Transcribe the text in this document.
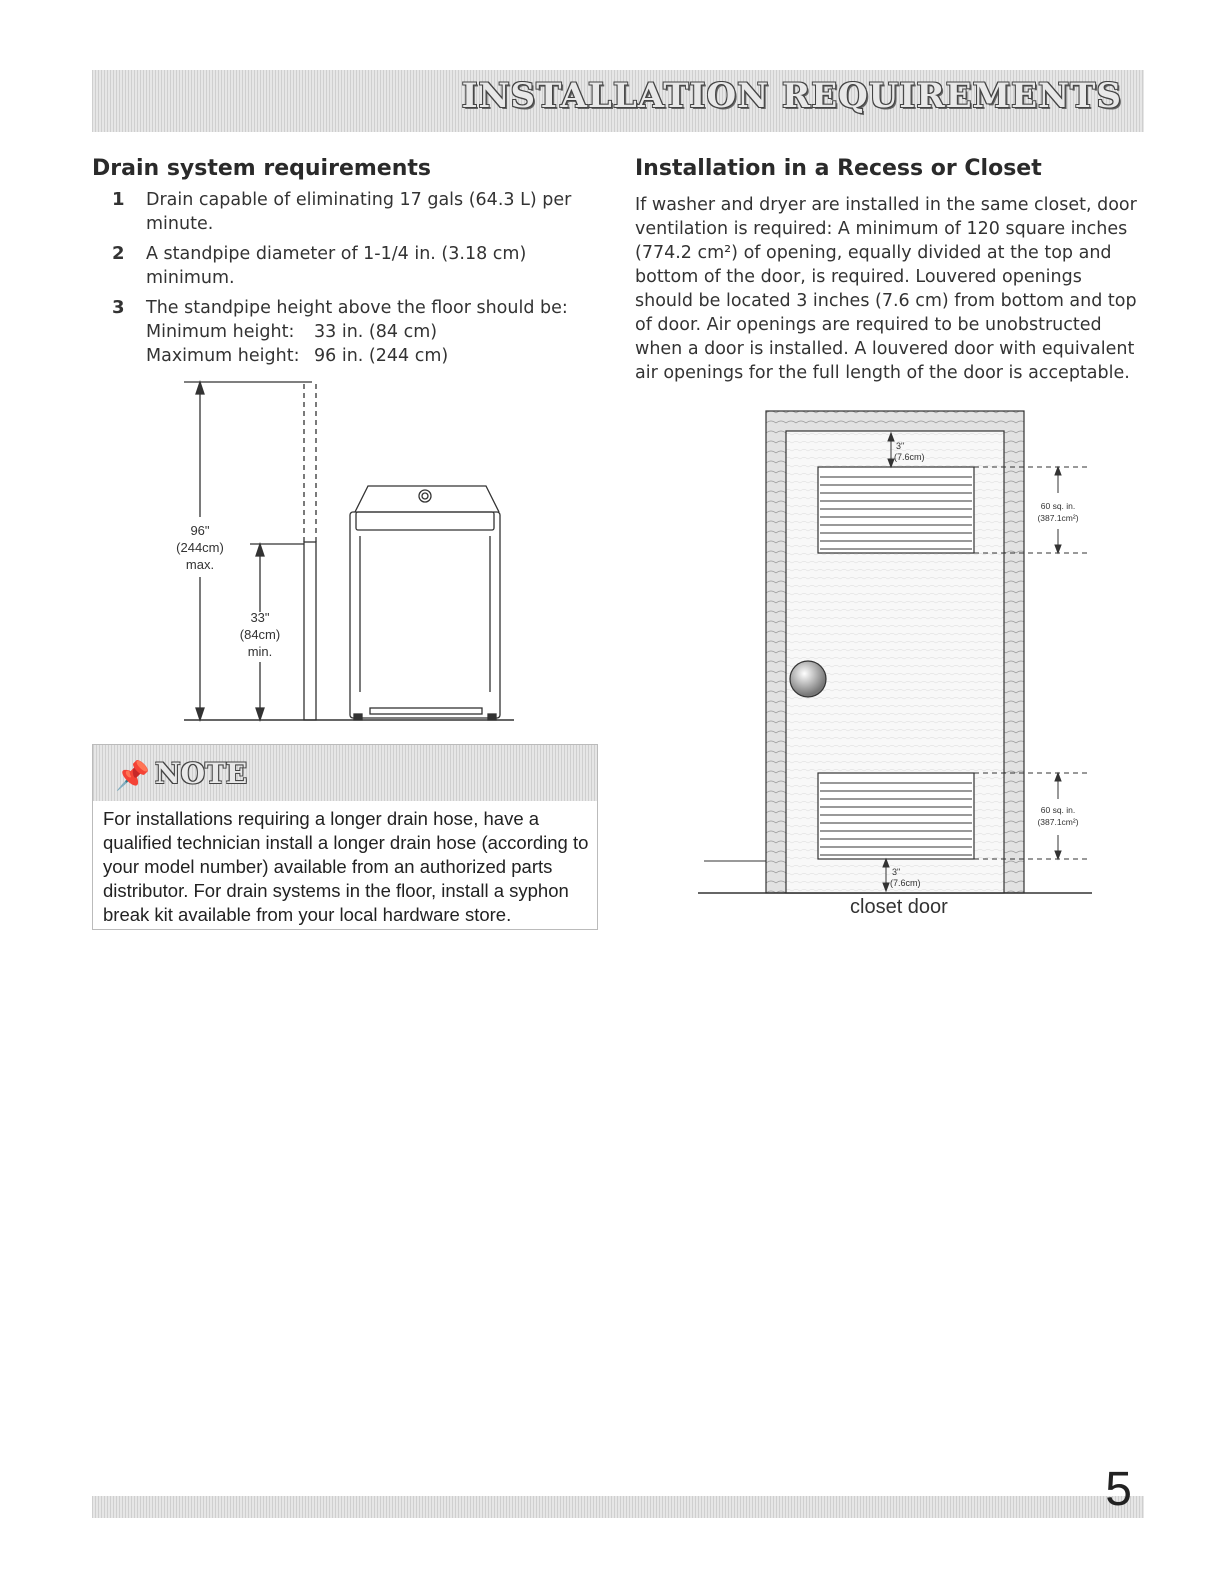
INSTALLATION REQUIREMENTS
Drain system requirements
1 Drain capable of eliminating 17 gals (64.3 L) per minute.
2 A standpipe diameter of 1-1/4 in. (3.18 cm) minimum.
3 The standpipe height above the floor should be:
Minimum height: 33 in. (84 cm)
Maximum height: 96 in. (244 cm)
96"
(244cm)
max.
33"
(84cm)
min.
📌 NOTE

For installations requiring a longer drain hose, have a qualified technician install a longer drain hose (according to your model number) available from an authorized parts distributor. For drain systems in the floor, install a syphon break kit available from your local hardware store.

Installation in a Recess or Closet

If washer and dryer are installed in the same closet, door ventilation is required: A minimum of 120 square inches (774.2 cm²) of opening, equally divided at the top and bottom of the door, is required. Louvered openings should be located 3 inches (7.6 cm) from bottom and top of door. Air openings are required to be unobstructed when a door is installed. A louvered door with equivalent air openings for the full length of the door is acceptable.

3"
(7.6cm)
3"
(7.6cm)
60 sq. in.
(387.1cm²)
60 sq. in.
(387.1cm²)
closet door
5
